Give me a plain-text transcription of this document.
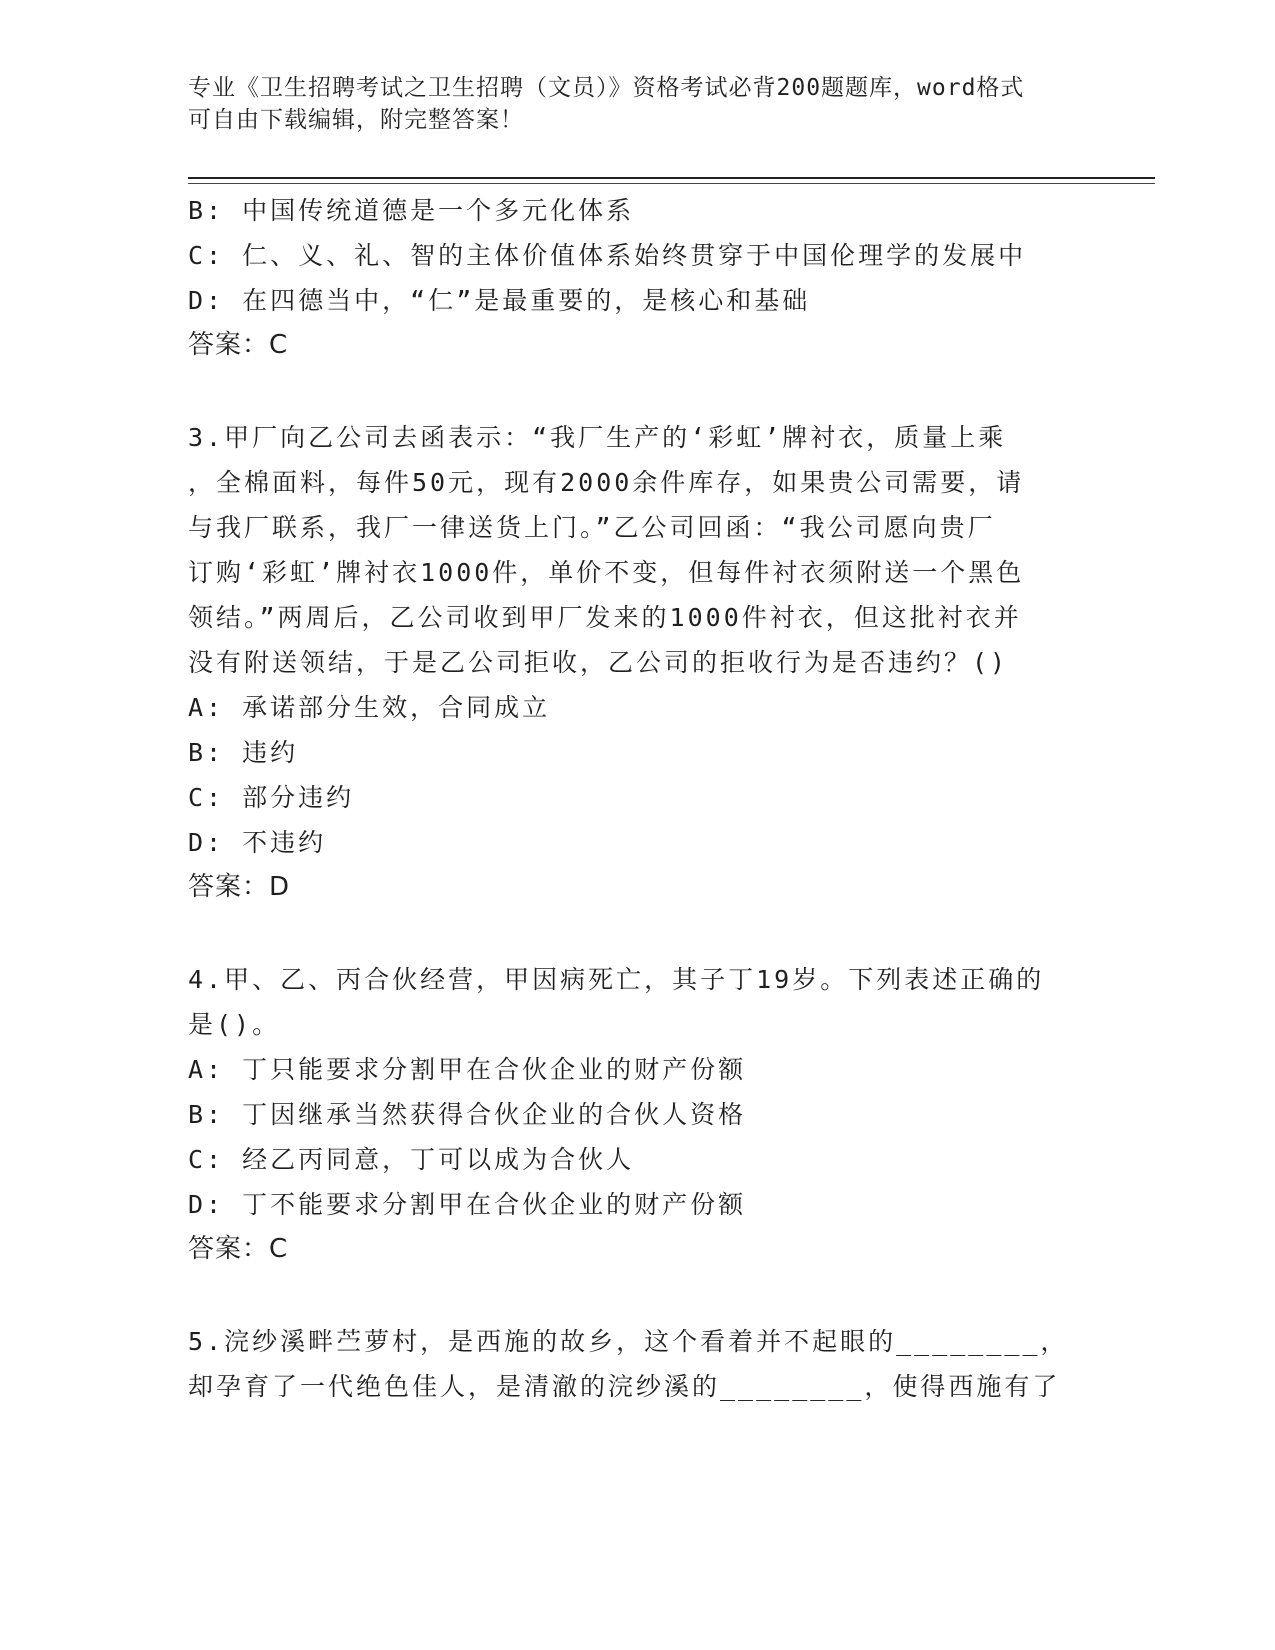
专业《卫生招聘考试之卫生招聘（文员）》资格考试必背200题题库，word格式
可自由下载编辑，附完整答案！
B: 中国传统道德是一个多元化体系
C: 仁、义、礼、智的主体价值体系始终贯穿于中国伦理学的发展中
D: 在四德当中，“仁”是最重要的，是核心和基础
答案：C
3.甲厂向乙公司去函表示：“我厂生产的‘彩虹’牌衬衣，质量上乘
，全棉面料，每件50元，现有2000余件库存，如果贵公司需要，请
与我厂联系，我厂一律送货上门。”乙公司回函：“我公司愿向贵厂
订购‘彩虹’牌衬衣1000件，单价不变，但每件衬衣须附送一个黑色
领结。”两周后，乙公司收到甲厂发来的1000件衬衣，但这批衬衣并
没有附送领结，于是乙公司拒收，乙公司的拒收行为是否违约？()
A: 承诺部分生效，合同成立
B: 违约
C: 部分违约
D: 不违约
答案：D
4.甲、乙、丙合伙经营，甲因病死亡，其子丁19岁。下列表述正确的
是()。
A: 丁只能要求分割甲在合伙企业的财产份额
B: 丁因继承当然获得合伙企业的合伙人资格
C: 经乙丙同意，丁可以成为合伙人
D: 丁不能要求分割甲在合伙企业的财产份额
答案：C
5.浣纱溪畔苎萝村，是西施的故乡，这个看着并不起眼的________，
却孕育了一代绝色佳人，是清澈的浣纱溪的________，使得西施有了
